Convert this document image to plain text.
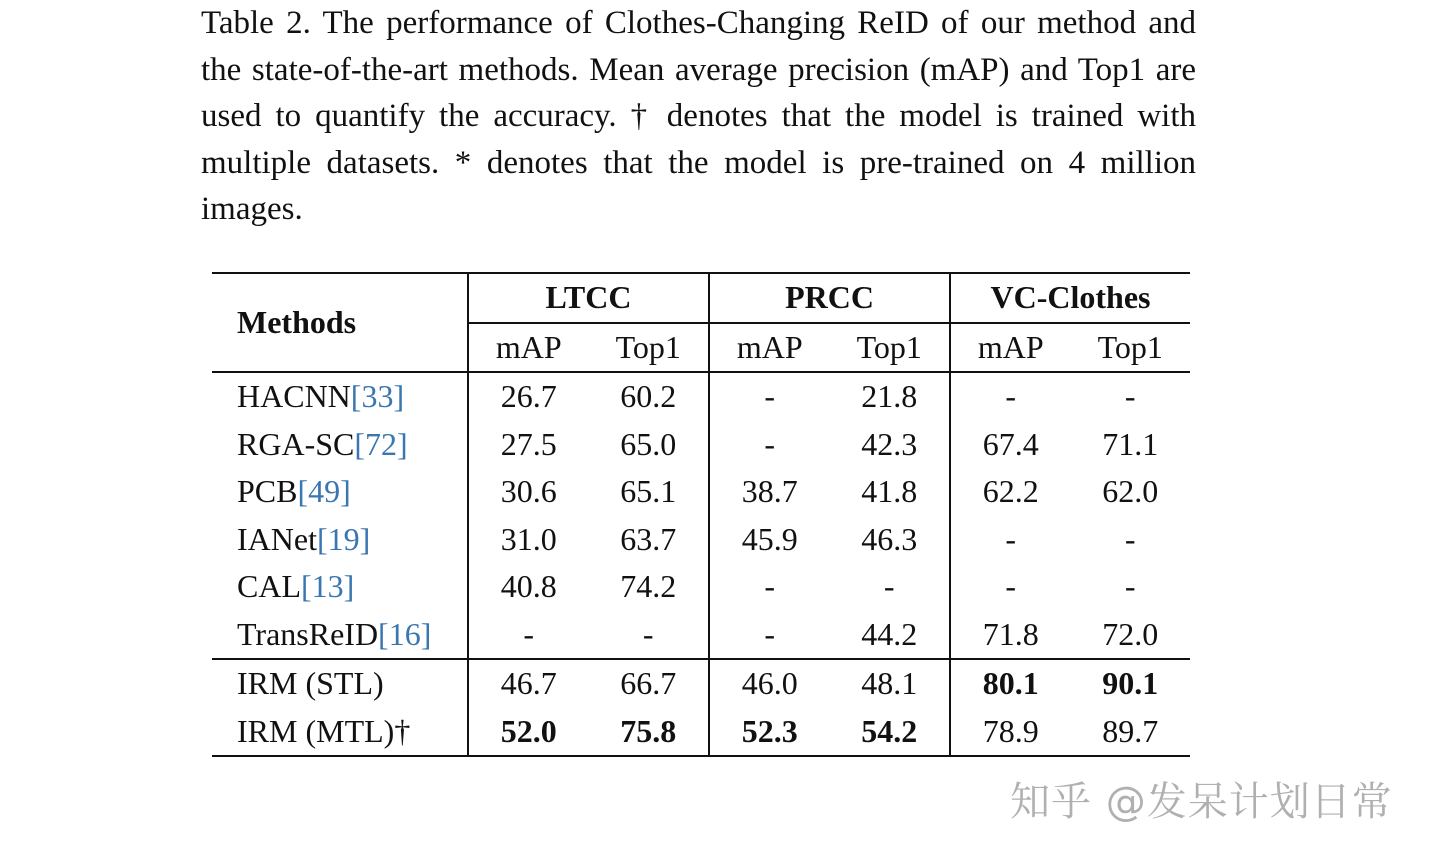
Table 2. The performance of Clothes-Changing ReID of our method and the state-of-the-art methods. Mean average precision (mAP) and Top1 are used to quantify the accuracy. † denotes that the model is trained with multiple datasets. * denotes that the model is pre-trained on 4 million images.
Methods	LTCC		PRCC		VC-Clothes	
	mAP	Top1	mAP	Top1	mAP	Top1
HACNN[33]	26.7	60.2	-	21.8	-	-
RGA-SC[72]	27.5	65.0	-	42.3	67.4	71.1
PCB[49]	30.6	65.1	38.7	41.8	62.2	62.0
IANet[19]	31.0	63.7	45.9	46.3	-	-
CAL[13]	40.8	74.2	-	-	-	-
TransReID[16]	-	-	-	44.2	71.8	72.0
IRM (STL)	46.7	66.7	46.0	48.1	80.1	90.1
IRM (MTL)†	52.0	75.8	52.3	54.2	78.9	89.7
知乎 @发呆计划日常
